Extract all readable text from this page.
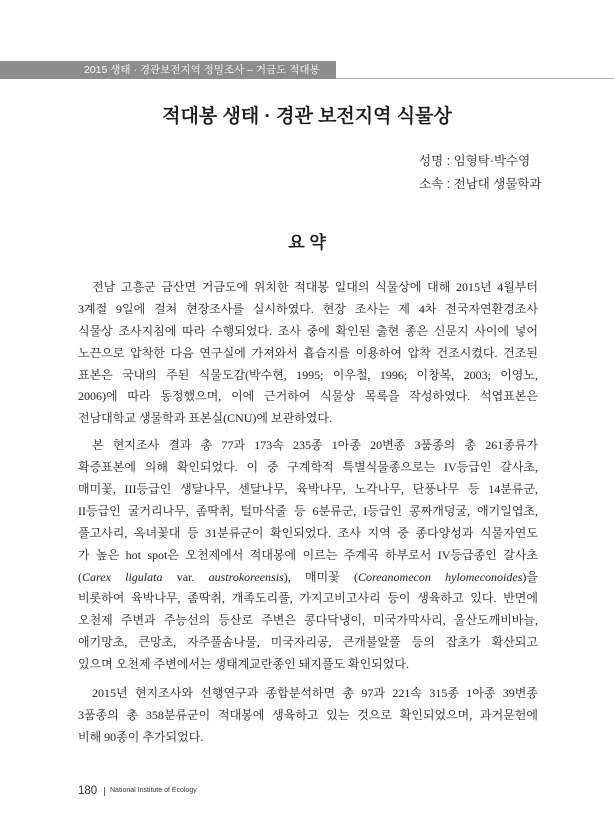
2015 생태 · 경관보전지역 정밀조사 – 거금도 적대봉
적대봉 생태 · 경관 보전지역 식물상
성명 : 임형탁·박수영
소속 : 전남대 생물학과
요 약
전남 고흥군 금산면 거금도에 위치한 적대봉 일대의 식물상에 대해 2015년 4월부터
3계절 9일에 걸쳐 현장조사를 실시하였다. 현장 조사는 제 4차 전국자연환경조사
식물상 조사지침에 따라 수행되었다. 조사 중에 확인된 출현 종은 신문지 사이에 넣어
노끈으로 압착한 다음 연구실에 가져와서 흡습지를 이용하여 압착 건조시켰다. 건조된
표본은 국내의 주된 식물도감(박수현, 1995; 이우철, 1996; 이창복, 2003; 이영노,
2006)에 따라 동정했으며, 이에 근거하여 식물상 목록을 작성하였다. 석엽표본은
전남대학교 생물학과 표본실(CNU)에 보관하였다.
본 현지조사 결과 총 77과 173속 235종 1아종 20변종 3품종의 총 261종류가
확증표본에 의해 확인되었다. 이 중 구계학적 특별식물종으로는 IV등급인 갈사초,
매미꽃, III등급인 생달나무, 센달나무, 육박나무, 노각나무, 단풍나무 등 14분류군,
II등급인 굴거리나무, 좀딱취, 털마삭줄 등 6분류군, I등급인 콩짜개덩굴, 애기일엽초,
풀고사리, 옥녀꽃대 등 31분류군이 확인되었다. 조사 지역 중 종다양성과 식물자연도
가 높은 hot spot은 오천제에서 적대봉에 이르는 주계곡 하부로서 IV등급종인 갈사초
(Carex ligulata var. austrokoreensis), 매미꽃 (Coreanomecon hylomeconoides)을
비롯하여 육박나무, 좀딱취, 개족도리풀, 가지고비고사리 등이 생육하고 있다. 반면에
오천제 주변과 주능선의 등산로 주변은 콩다닥냉이, 미국가막사리, 울산도깨비바늘,
애기망초, 큰망초, 자주풀솜나물, 미국자리공, 큰개불알풀 등의 잡초가 확산되고
있으며 오천제 주변에서는 생태계교란종인 돼지풀도 확인되었다.
2015년 현지조사와 선행연구과 종합분석하면 총 97과 221속 315종 1아종 39변종
3품종의 총 358분류군이 적대봉에 생육하고 있는 것으로 확인되었으며, 과거문헌에
비해 90종이 추가되었다.
180 National Institute of Ecology
